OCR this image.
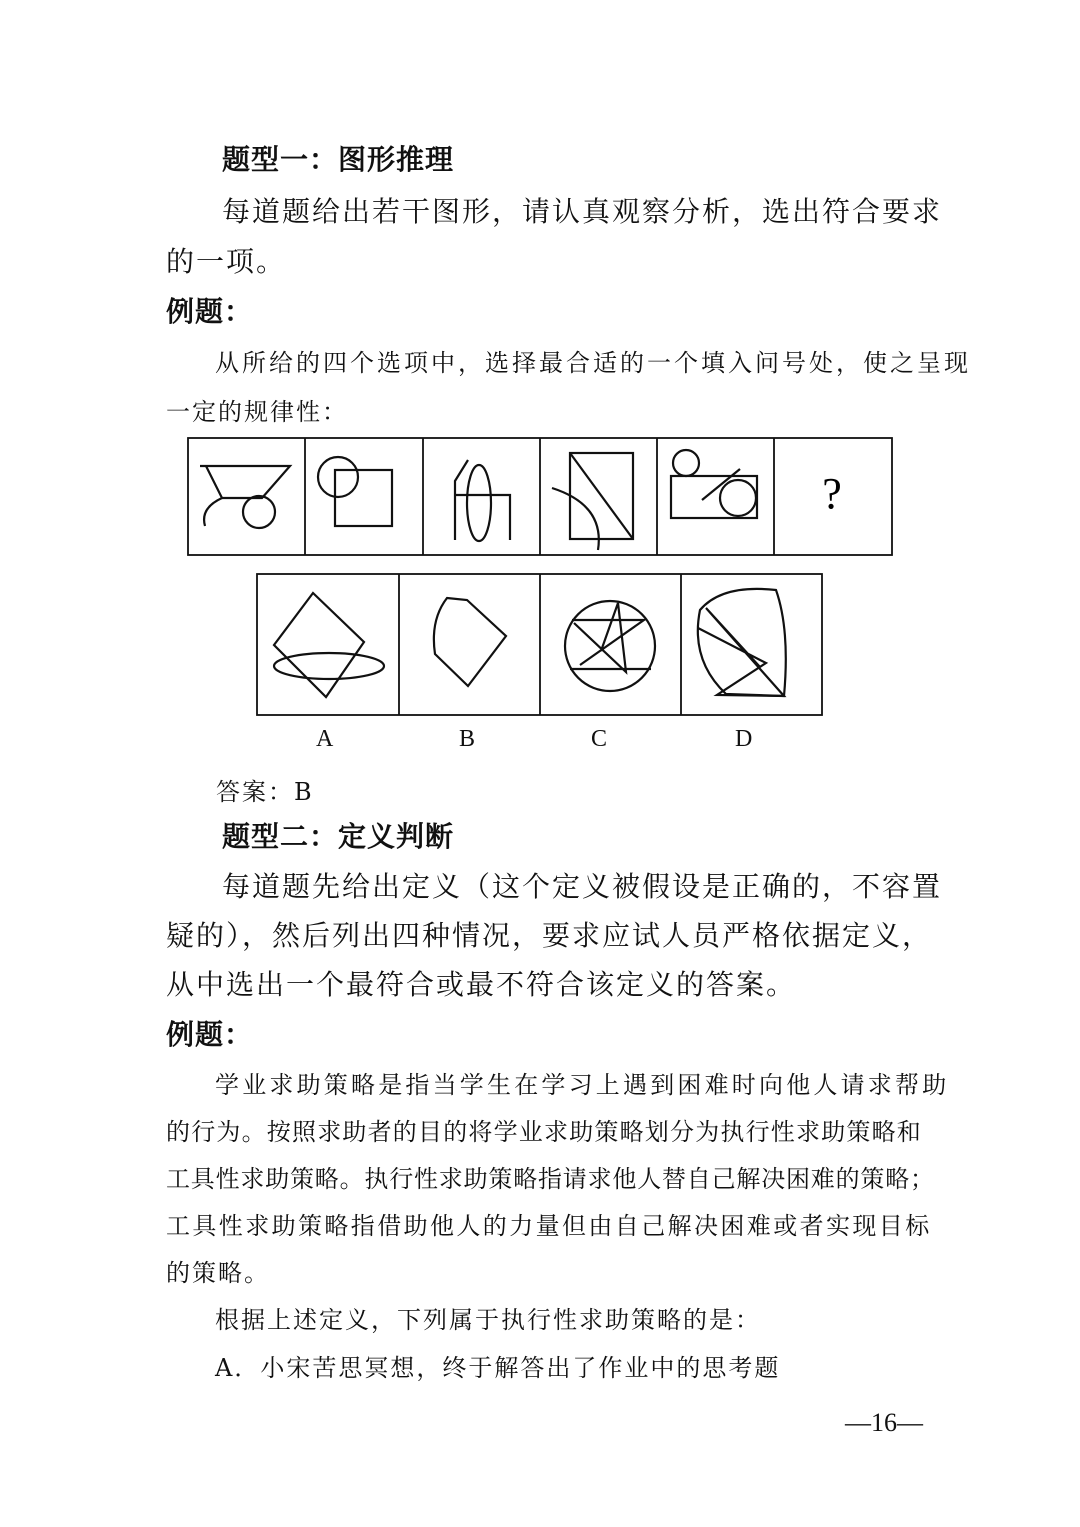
题型一：图形推理
每道题给出若干图形，请认真观察分析，选出符合要求
的一项。
例题：
从所给的四个选项中，选择最合适的一个填入问号处，使之呈现
一定的规律性：
?
A	B	C	D
答案：B
题型二：定义判断
每道题先给出定义（这个定义被假设是正确的，不容置
疑的），然后列出四种情况，要求应试人员严格依据定义，
从中选出一个最符合或最不符合该定义的答案。
例题：
学业求助策略是指当学生在学习上遇到困难时向他人请求帮助
的行为。按照求助者的目的将学业求助策略划分为执行性求助策略和
工具性求助策略。执行性求助策略指请求他人替自己解决困难的策略；
工具性求助策略指借助他人的力量但由自己解决困难或者实现目标
的策略。
根据上述定义，下列属于执行性求助策略的是：
A．小宋苦思冥想，终于解答出了作业中的思考题
—16—
